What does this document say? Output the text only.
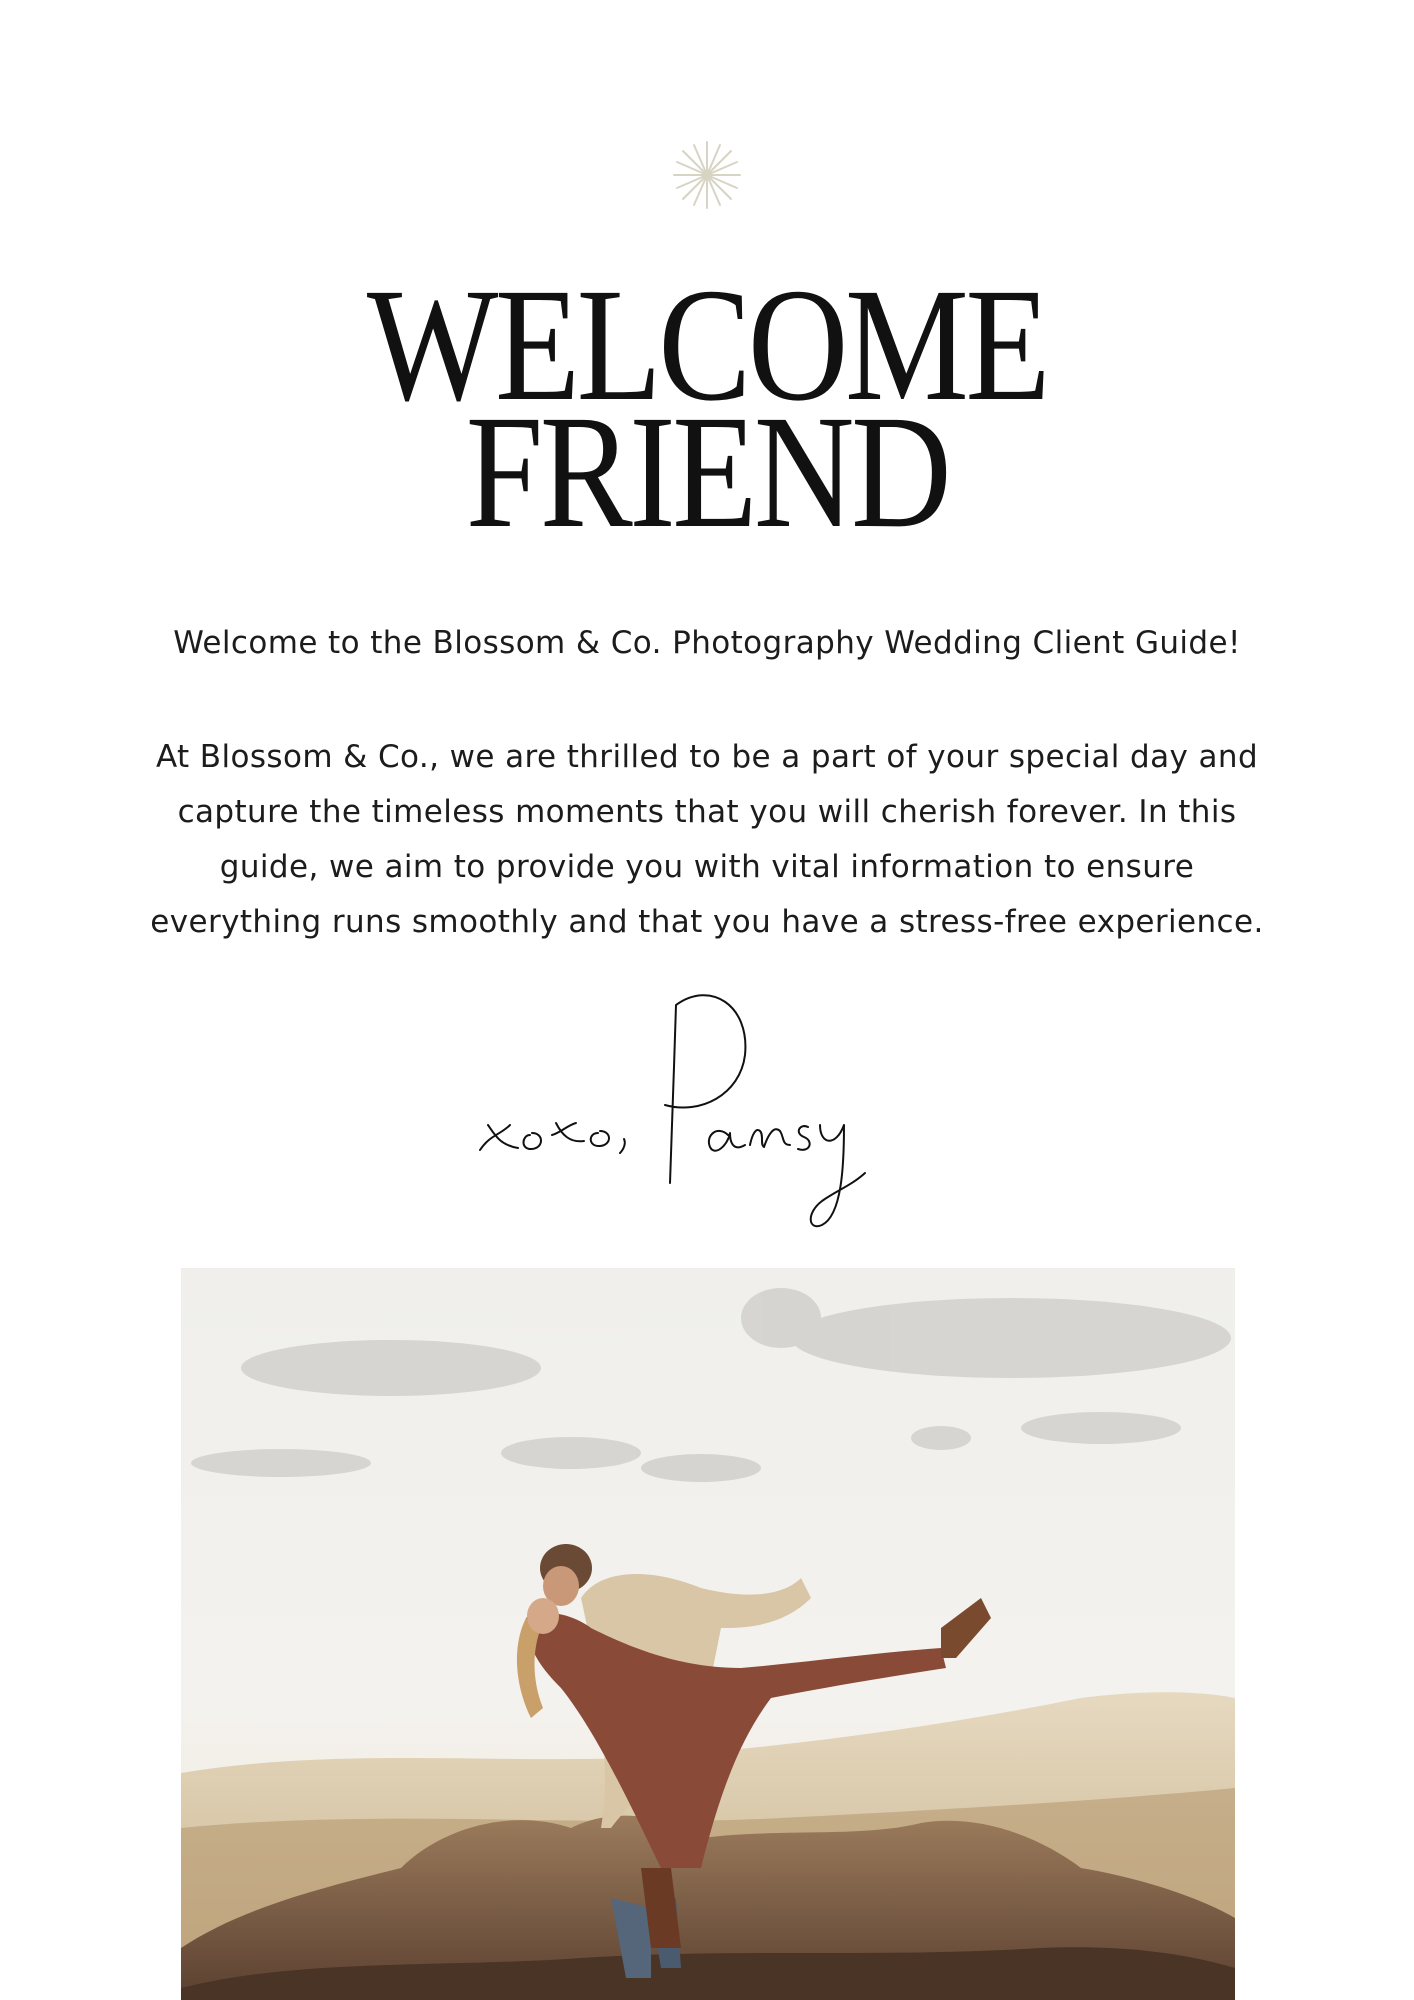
WELCOME
FRIEND

Welcome to the Blossom & Co. Photography Wedding Client Guide!

At Blossom & Co., we are thrilled to be a part of your special day and capture the timeless moments that you will cherish forever. In this guide, we aim to provide you with vital information to ensure everything runs smoothly and that you have a stress-free experience.
